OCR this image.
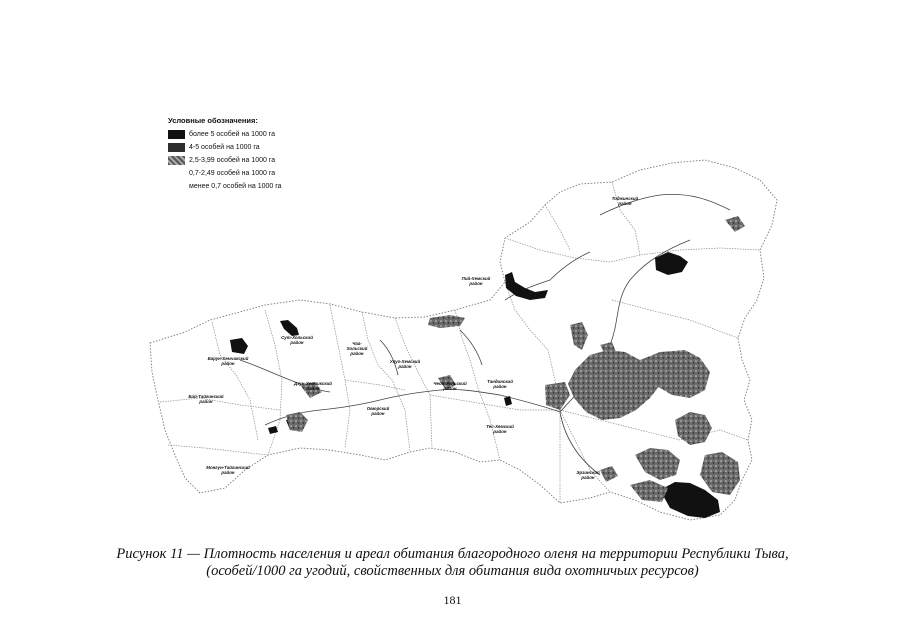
Тоджинский район
Пий-Хемский район
Сут-Хольский район
Барун-Хемчикский район
Чаа-Хольский район
Улуг-Хемский район
Дзун-Хемчикский район
Бай-Тайгинский район
Чеди-Хольский район
Тандинский район
Овюрский район
Тес-Хемский район
Эрзинский район
Монгун-Тайгинский район
Условные обозначения:
более 5 особей на 1000 га
4-5 особей на 1000 га
2,5-3,99 особей на 1000 га
0,7-2,49 особей на 1000 га
менее 0,7 особей на 1000 га
Рисунок 11 — Плотность населения и ареал обитания благородного оленя на территории Республики Тыва,
(особей/1000 га угодий, свойственных для обитания вида охотничьих ресурсов)
181
